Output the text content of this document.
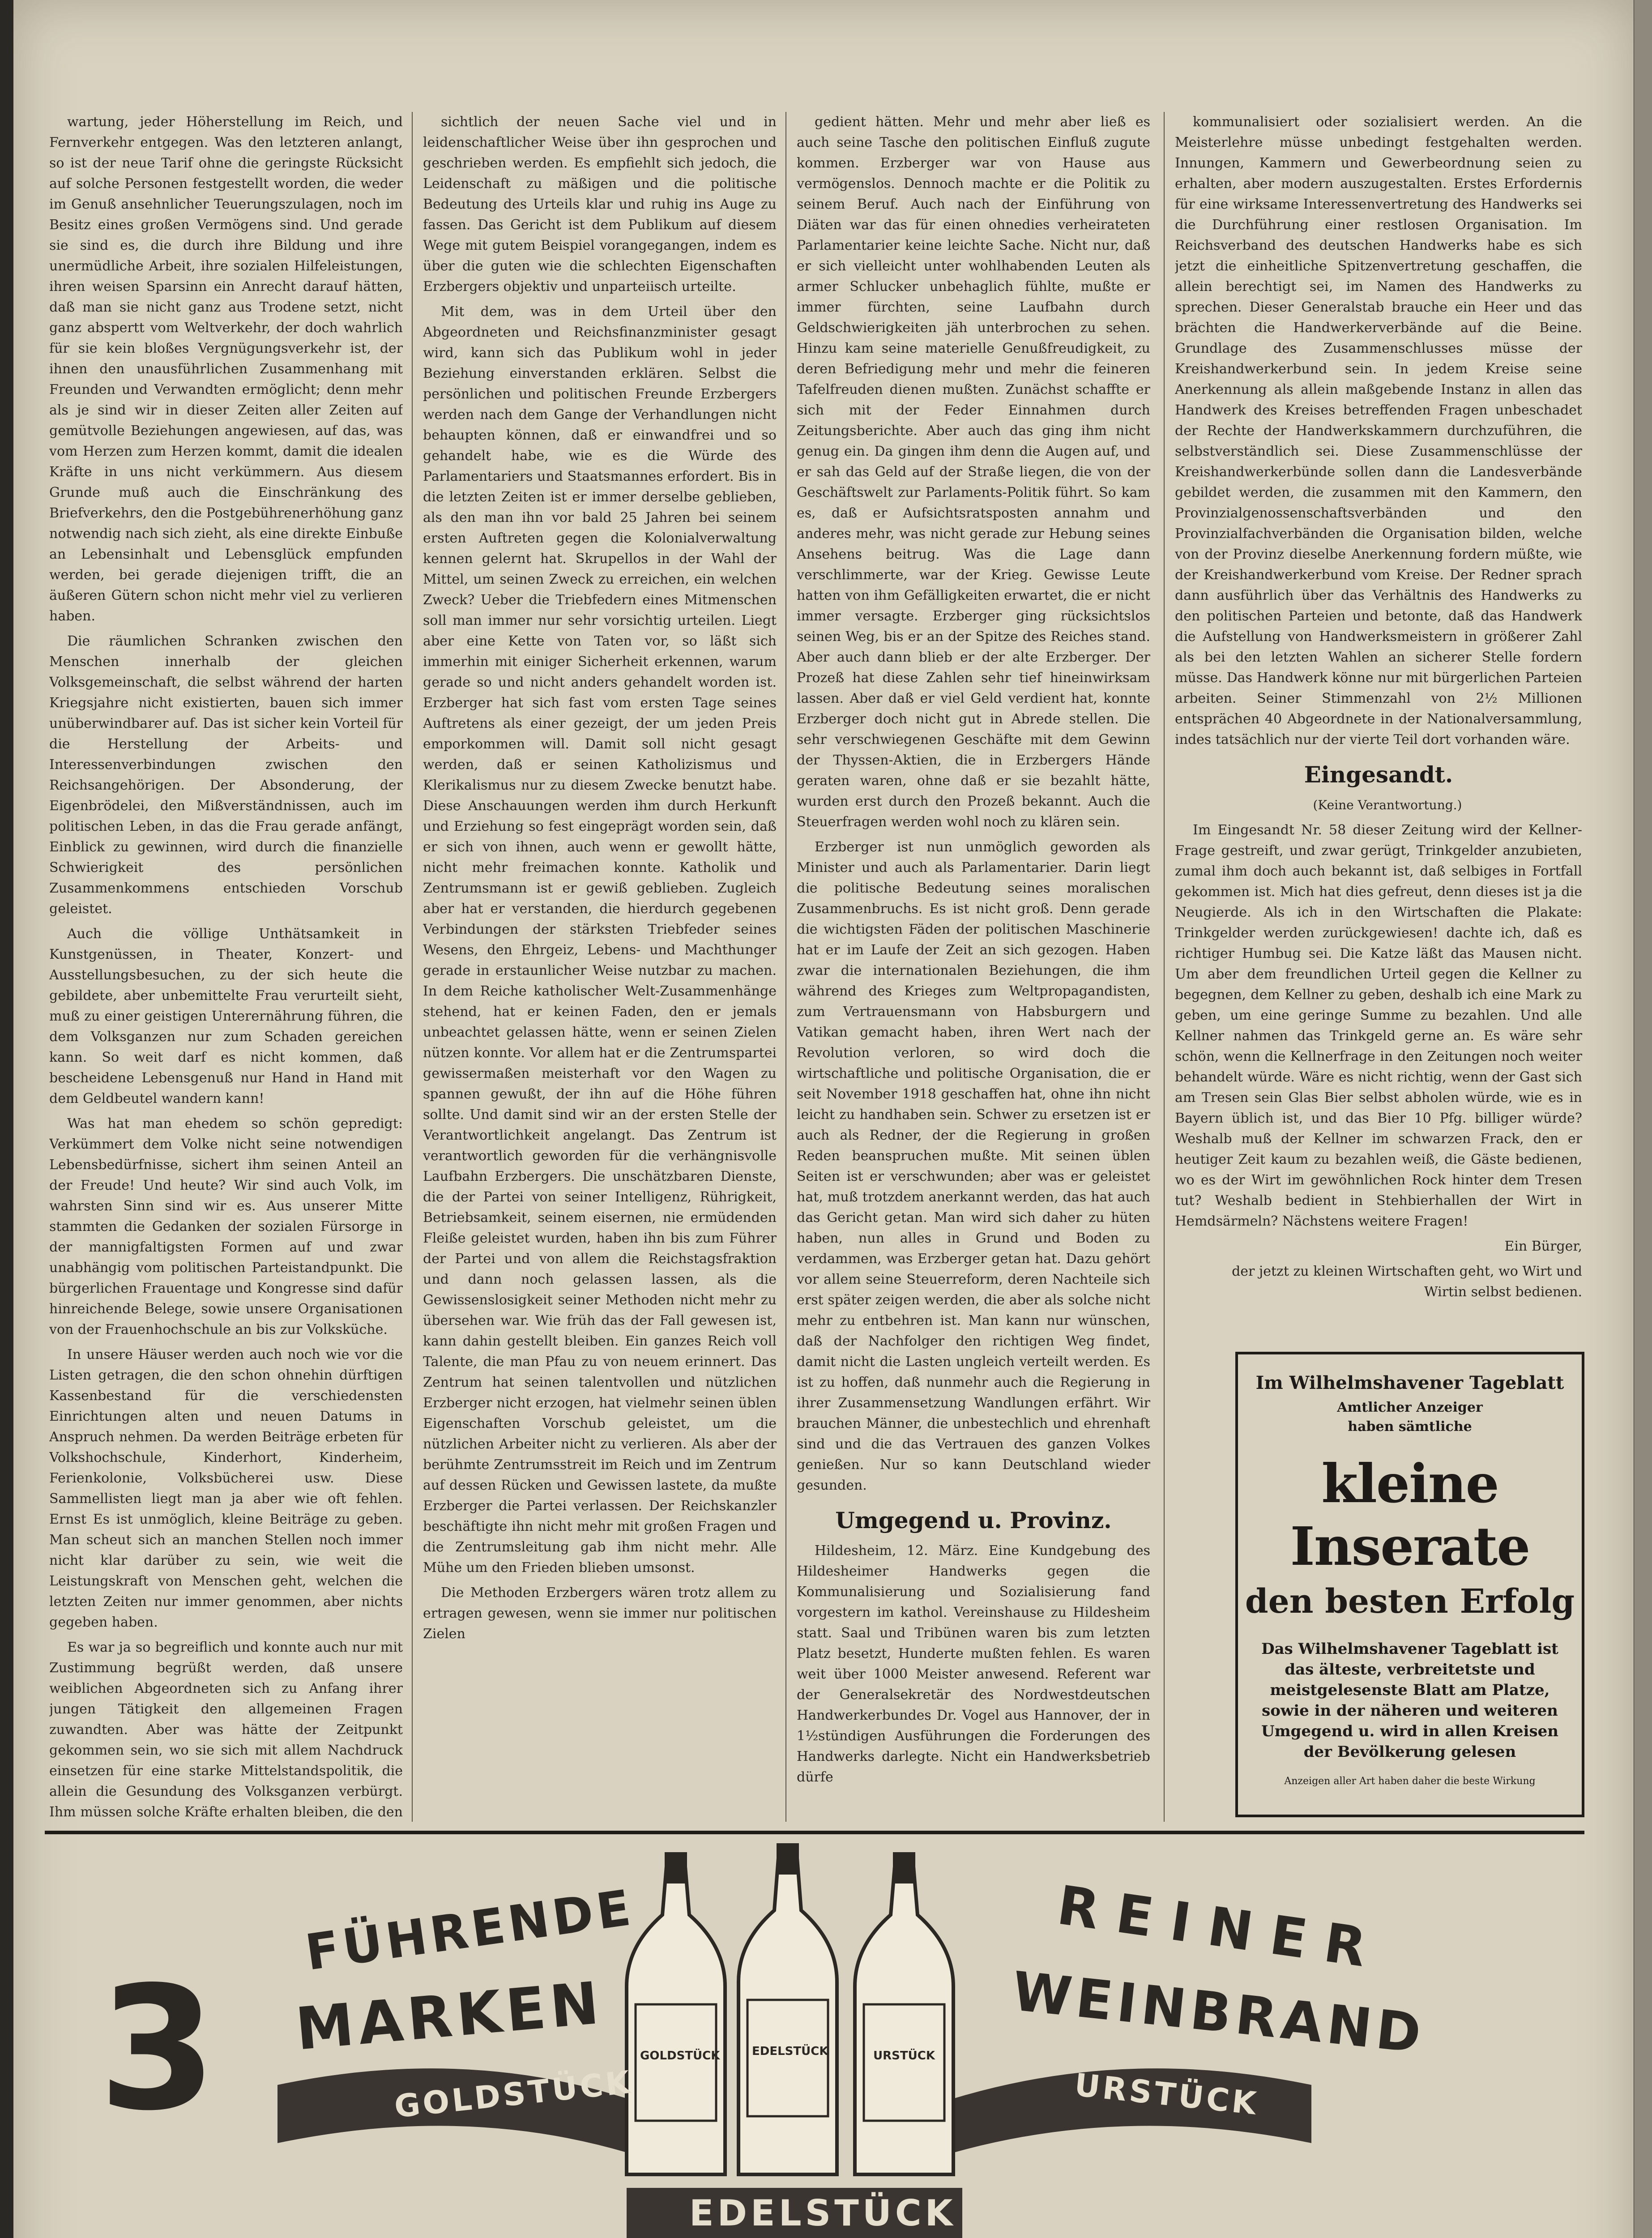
wartung, jeder Höherstellung im Reich, und Fernverkehr entgegen. Was den letzteren anlangt, so ist der neue Tarif ohne die geringste Rücksicht auf solche Personen festgestellt worden, die weder im Genuß ansehnlicher Teuerungszulagen, noch im Besitz eines großen Vermögens sind. Und gerade sie sind es, die durch ihre Bildung und ihre unermüdliche Arbeit, ihre sozialen Hilfeleistungen, ihren weisen Sparsinn ein Anrecht darauf hätten, daß man sie nicht ganz aus Trodene setzt, nicht ganz abspertt vom Weltverkehr, der doch wahrlich für sie kein bloßes Vergnügungsverkehr ist, der ihnen den unausführlichen Zusammenhang mit Freunden und Verwandten ermöglicht; denn mehr als je sind wir in dieser Zeiten aller Zeiten auf gemütvolle Beziehungen angewiesen, auf das, was vom Herzen zum Herzen kommt, damit die idealen Kräfte in uns nicht verkümmern. Aus diesem Grunde muß auch die Einschränkung des Briefverkehrs, den die Postgebührenerhöhung ganz notwendig nach sich zieht, als eine direkte Einbuße an Lebensinhalt und Lebensglück empfunden werden, bei gerade diejenigen trifft, die an äußeren Gütern schon nicht mehr viel zu verlieren haben.

Die räumlichen Schranken zwischen den Menschen innerhalb der gleichen Volksgemeinschaft, die selbst während der harten Kriegsjahre nicht existierten, bauen sich immer unüberwindbarer auf. Das ist sicher kein Vorteil für die Herstellung der Arbeits- und Interessenverbindungen zwischen den Reichsangehörigen. Der Absonderung, der Eigenbrödelei, den Mißverständnissen, auch im politischen Leben, in das die Frau gerade anfängt, Einblick zu gewinnen, wird durch die finanzielle Schwierigkeit des persönlichen Zusammenkommens entschieden Vorschub geleistet.

Auch die völlige Unthätsamkeit in Kunstgenüssen, in Theater, Konzert- und Ausstellungsbesuchen, zu der sich heute die gebildete, aber unbemittelte Frau verurteilt sieht, muß zu einer geistigen Unterernährung führen, die dem Volksganzen nur zum Schaden gereichen kann. So weit darf es nicht kommen, daß bescheidene Lebensgenuß nur Hand in Hand mit dem Geldbeutel wandern kann!

Was hat man ehedem so schön gepredigt: Verkümmert dem Volke nicht seine notwendigen Lebensbedürfnisse, sichert ihm seinen Anteil an der Freude! Und heute? Wir sind auch Volk, im wahrsten Sinn sind wir es. Aus unserer Mitte stammten die Gedanken der sozialen Fürsorge in der mannigfaltigsten Formen auf und zwar unabhängig vom politischen Parteistandpunkt. Die bürgerlichen Frauentage und Kongresse sind dafür hinreichende Belege, sowie unsere Organisationen von der Frauenhochschule an bis zur Volksküche.

In unsere Häuser werden auch noch wie vor die Listen getragen, die den schon ohnehin dürftigen Kassenbestand für die verschiedensten Einrichtungen alten und neuen Datums in Anspruch nehmen. Da werden Beiträge erbeten für Volkshochschule, Kinderhort, Kinderheim, Ferienkolonie, Volksbücherei usw. Diese Sammellisten liegt man ja aber wie oft fehlen. Ernst Es ist unmöglich, kleine Beiträge zu geben. Man scheut sich an manchen Stellen noch immer nicht klar darüber zu sein, wie weit die Leistungskraft von Menschen geht, welchen die letzten Zeiten nur immer genommen, aber nichts gegeben haben.

Es war ja so begreiflich und konnte auch nur mit Zustimmung begrüßt werden, daß unsere weiblichen Abgeordneten sich zu Anfang ihrer jungen Tätigkeit den allgemeinen Fragen zuwandten. Aber was hätte der Zeitpunkt gekommen sein, wo sie sich mit allem Nachdruck einsetzen für eine starke Mittelstandspolitik, die allein die Gesundung des Volksganzen verbürgt. Ihm müssen solche Kräfte erhalten bleiben, die den

sichtlich der neuen Sache viel und in leidenschaftlicher Weise über ihn gesprochen und geschrieben werden. Es empfiehlt sich jedoch, die Leidenschaft zu mäßigen und die politische Bedeutung des Urteils klar und ruhig ins Auge zu fassen. Das Gericht ist dem Publikum auf diesem Wege mit gutem Beispiel vorangegangen, indem es über die guten wie die schlechten Eigenschaften Erzbergers objektiv und unparteiisch urteilte.

Mit dem, was in dem Urteil über den Abgeordneten und Reichsfinanzminister gesagt wird, kann sich das Publikum wohl in jeder Beziehung einverstanden erklären. Selbst die persönlichen und politischen Freunde Erzbergers werden nach dem Gange der Verhandlungen nicht behaupten können, daß er einwandfrei und so gehandelt habe, wie es die Würde des Parlamentariers und Staatsmannes erfordert. Bis in die letzten Zeiten ist er immer derselbe geblieben, als den man ihn vor bald 25 Jahren bei seinem ersten Auftreten gegen die Kolonialverwaltung kennen gelernt hat. Skrupellos in der Wahl der Mittel, um seinen Zweck zu erreichen, ein welchen Zweck? Ueber die Triebfedern eines Mitmenschen soll man immer nur sehr vorsichtig urteilen. Liegt aber eine Kette von Taten vor, so läßt sich immerhin mit einiger Sicherheit erkennen, warum gerade so und nicht anders gehandelt worden ist. Erzberger hat sich fast vom ersten Tage seines Auftretens als einer gezeigt, der um jeden Preis emporkommen will. Damit soll nicht gesagt werden, daß er seinen Katholizismus und Klerikalismus nur zu diesem Zwecke benutzt habe. Diese Anschauungen werden ihm durch Herkunft und Erziehung so fest eingeprägt worden sein, daß er sich von ihnen, auch wenn er gewollt hätte, nicht mehr freimachen konnte. Katholik und Zentrumsmann ist er gewiß geblieben. Zugleich aber hat er verstanden, die hierdurch gegebenen Verbindungen der stärksten Triebfeder seines Wesens, den Ehrgeiz, Lebens- und Machthunger gerade in erstaunlicher Weise nutzbar zu machen. In dem Reiche katholischer Welt-Zusammenhänge stehend, hat er keinen Faden, den er jemals unbeachtet gelassen hätte, wenn er seinen Zielen nützen konnte. Vor allem hat er die Zentrumspartei gewissermaßen meisterhaft vor den Wagen zu spannen gewußt, der ihn auf die Höhe führen sollte. Und damit sind wir an der ersten Stelle der Verantwortlichkeit angelangt. Das Zentrum ist verantwortlich geworden für die verhängnisvolle Laufbahn Erzbergers. Die unschätzbaren Dienste, die der Partei von seiner Intelligenz, Rührigkeit, Betriebsamkeit, seinem eisernen, nie ermüdenden Fleiße geleistet wurden, haben ihn bis zum Führer der Partei und von allem die Reichstagsfraktion und dann noch gelassen lassen, als die Gewissenslosigkeit seiner Methoden nicht mehr zu übersehen war. Wie früh das der Fall gewesen ist, kann dahin gestellt bleiben. Ein ganzes Reich voll Talente, die man Pfau zu von neuem erinnert. Das Zentrum hat seinen talentvollen und nützlichen Erzberger nicht erzogen, hat vielmehr seinen üblen Eigenschaften Vorschub geleistet, um die nützlichen Arbeiter nicht zu verlieren. Als aber der berühmte Zentrumsstreit im Reich und im Zentrum auf dessen Rücken und Gewissen lastete, da mußte Erzberger die Partei verlassen. Der Reichskanzler beschäftigte ihn nicht mehr mit großen Fragen und die Zentrumsleitung gab ihm nicht mehr. Alle Mühe um den Frieden blieben umsonst.

Die Methoden Erzbergers wären trotz allem zu ertragen gewesen, wenn sie immer nur politischen Zielen

gedient hätten. Mehr und mehr aber ließ es auch seine Tasche den politischen Einfluß zugute kommen. Erzberger war von Hause aus vermögenslos. Dennoch machte er die Politik zu seinem Beruf. Auch nach der Einführung von Diäten war das für einen ohnedies verheirateten Parlamentarier keine leichte Sache. Nicht nur, daß er sich vielleicht unter wohlhabenden Leuten als armer Schlucker unbehaglich fühlte, mußte er immer fürchten, seine Laufbahn durch Geldschwierigkeiten jäh unterbrochen zu sehen. Hinzu kam seine materielle Genußfreudigkeit, zu deren Befriedigung mehr und mehr die feineren Tafelfreuden dienen mußten. Zunächst schaffte er sich mit der Feder Einnahmen durch Zeitungsberichte. Aber auch das ging ihm nicht genug ein. Da gingen ihm denn die Augen auf, und er sah das Geld auf der Straße liegen, die von der Geschäftswelt zur Parlaments-Politik führt. So kam es, daß er Aufsichtsratsposten annahm und anderes mehr, was nicht gerade zur Hebung seines Ansehens beitrug. Was die Lage dann verschlimmerte, war der Krieg. Gewisse Leute hatten von ihm Gefälligkeiten erwartet, die er nicht immer versagte. Erzberger ging rücksichtslos seinen Weg, bis er an der Spitze des Reiches stand. Aber auch dann blieb er der alte Erzberger. Der Prozeß hat diese Zahlen sehr tief hineinwirksam lassen. Aber daß er viel Geld verdient hat, konnte Erzberger doch nicht gut in Abrede stellen. Die sehr verschwiegenen Geschäfte mit dem Gewinn der Thyssen-Aktien, die in Erzbergers Hände geraten waren, ohne daß er sie bezahlt hätte, wurden erst durch den Prozeß bekannt. Auch die Steuerfragen werden wohl noch zu klären sein.

Erzberger ist nun unmöglich geworden als Minister und auch als Parlamentarier. Darin liegt die politische Bedeutung seines moralischen Zusammenbruchs. Es ist nicht groß. Denn gerade die wichtigsten Fäden der politischen Maschinerie hat er im Laufe der Zeit an sich gezogen. Haben zwar die internationalen Beziehungen, die ihm während des Krieges zum Weltpropagandisten, zum Vertrauensmann von Habsburgern und Vatikan gemacht haben, ihren Wert nach der Revolution verloren, so wird doch die wirtschaftliche und politische Organisation, die er seit November 1918 geschaffen hat, ohne ihn nicht leicht zu handhaben sein. Schwer zu ersetzen ist er auch als Redner, der die Regierung in großen Reden beanspruchen mußte. Mit seinen üblen Seiten ist er verschwunden; aber was er geleistet hat, muß trotzdem anerkannt werden, das hat auch das Gericht getan. Man wird sich daher zu hüten haben, nun alles in Grund und Boden zu verdammen, was Erzberger getan hat. Dazu gehört vor allem seine Steuerreform, deren Nachteile sich erst später zeigen werden, die aber als solche nicht mehr zu entbehren ist. Man kann nur wünschen, daß der Nachfolger den richtigen Weg findet, damit nicht die Lasten ungleich verteilt werden. Es ist zu hoffen, daß nunmehr auch die Regierung in ihrer Zusammensetzung Wandlungen erfährt. Wir brauchen Männer, die unbestechlich und ehrenhaft sind und die das Vertrauen des ganzen Volkes genießen. Nur so kann Deutschland wieder gesunden.

Umgegend u. Provinz.

Hildesheim, 12. März. Eine Kundgebung des Hildesheimer Handwerks gegen die Kommunalisierung und Sozialisierung fand vorgestern im kathol. Vereinshause zu Hildesheim statt. Saal und Tribünen waren bis zum letzten Platz besetzt, Hunderte mußten fehlen. Es waren weit über 1000 Meister anwesend. Referent war der Generalsekretär des Nordwestdeutschen Handwerkerbundes Dr. Vogel aus Hannover, der in 1½stündigen Ausführungen die Forderungen des Handwerks darlegte. Nicht ein Handwerksbetrieb dürfe

kommunalisiert oder sozialisiert werden. An die Meisterlehre müsse unbedingt festgehalten werden. Innungen, Kammern und Gewerbeordnung seien zu erhalten, aber modern auszugestalten. Erstes Erfordernis für eine wirksame Interessenvertretung des Handwerks sei die Durchführung einer restlosen Organisation. Im Reichsverband des deutschen Handwerks habe es sich jetzt die einheitliche Spitzenvertretung geschaffen, die allein berechtigt sei, im Namen des Handwerks zu sprechen. Dieser Generalstab brauche ein Heer und das brächten die Handwerkerverbände auf die Beine. Grundlage des Zusammenschlusses müsse der Kreishandwerkerbund sein. In jedem Kreise seine Anerkennung als allein maßgebende Instanz in allen das Handwerk des Kreises betreffenden Fragen unbeschadet der Rechte der Handwerkskammern durchzuführen, die selbstverständlich sei. Diese Zusammenschlüsse der Kreishandwerkerbünde sollen dann die Landesverbände gebildet werden, die zusammen mit den Kammern, den Provinzialgenossenschaftsverbänden und den Provinzialfachverbänden die Organisation bilden, welche von der Provinz dieselbe Anerkennung fordern müßte, wie der Kreishandwerkerbund vom Kreise. Der Redner sprach dann ausführlich über das Verhältnis des Handwerks zu den politischen Parteien und betonte, daß das Handwerk die Aufstellung von Handwerksmeistern in größerer Zahl als bei den letzten Wahlen an sicherer Stelle fordern müsse. Das Handwerk könne nur mit bürgerlichen Parteien arbeiten. Seiner Stimmenzahl von 2½ Millionen entsprächen 40 Abgeordnete in der Nationalversammlung, indes tatsächlich nur der vierte Teil dort vorhanden wäre.

Eingesandt.

(Keine Verantwortung.)

Im Eingesandt Nr. 58 dieser Zeitung wird der Kellner-Frage gestreift, und zwar gerügt, Trinkgelder anzubieten, zumal ihm doch auch bekannt ist, daß selbiges in Fortfall gekommen ist. Mich hat dies gefreut, denn dieses ist ja die Neugierde. Als ich in den Wirtschaften die Plakate: Trinkgelder werden zurückgewiesen! dachte ich, daß es richtiger Humbug sei. Die Katze läßt das Mausen nicht. Um aber dem freundlichen Urteil gegen die Kellner zu begegnen, dem Kellner zu geben, deshalb ich eine Mark zu geben, um eine geringe Summe zu bezahlen. Und alle Kellner nahmen das Trinkgeld gerne an. Es wäre sehr schön, wenn die Kellnerfrage in den Zeitungen noch weiter behandelt würde. Wäre es nicht richtig, wenn der Gast sich am Tresen sein Glas Bier selbst abholen würde, wie es in Bayern üblich ist, und das Bier 10 Pfg. billiger würde? Weshalb muß der Kellner im schwarzen Frack, den er heutiger Zeit kaum zu bezahlen weiß, die Gäste bedienen, wo es der Wirt im gewöhnlichen Rock hinter dem Tresen tut? Weshalb bedient in Stehbierhallen der Wirt in Hemdsärmeln? Nächstens weitere Fragen!

Ein Bürger,

der jetzt zu kleinen Wirtschaften geht, wo Wirt und Wirtin selbst bedienen.

Im Wilhelmshavener Tageblatt
Amtlicher Anzeiger
haben sämtliche
kleine Inserate
den besten Erfolg
Das Wilhelmshavener Tageblatt ist das älteste, verbreitetste und meistgelesenste Blatt am Platze, sowie in der näheren und weiteren Umgegend u. wird in allen Kreisen der Bevölkerung gelesen
Anzeigen aller Art haben daher die beste Wirkung
3
FÜHRENDE
MARKEN
GOLDSTÜCK
REINER
WEINBRAND
URSTÜCK
EDELSTÜCK
GOLDSTÜCK	EDELSTÜCK	URSTÜCK
